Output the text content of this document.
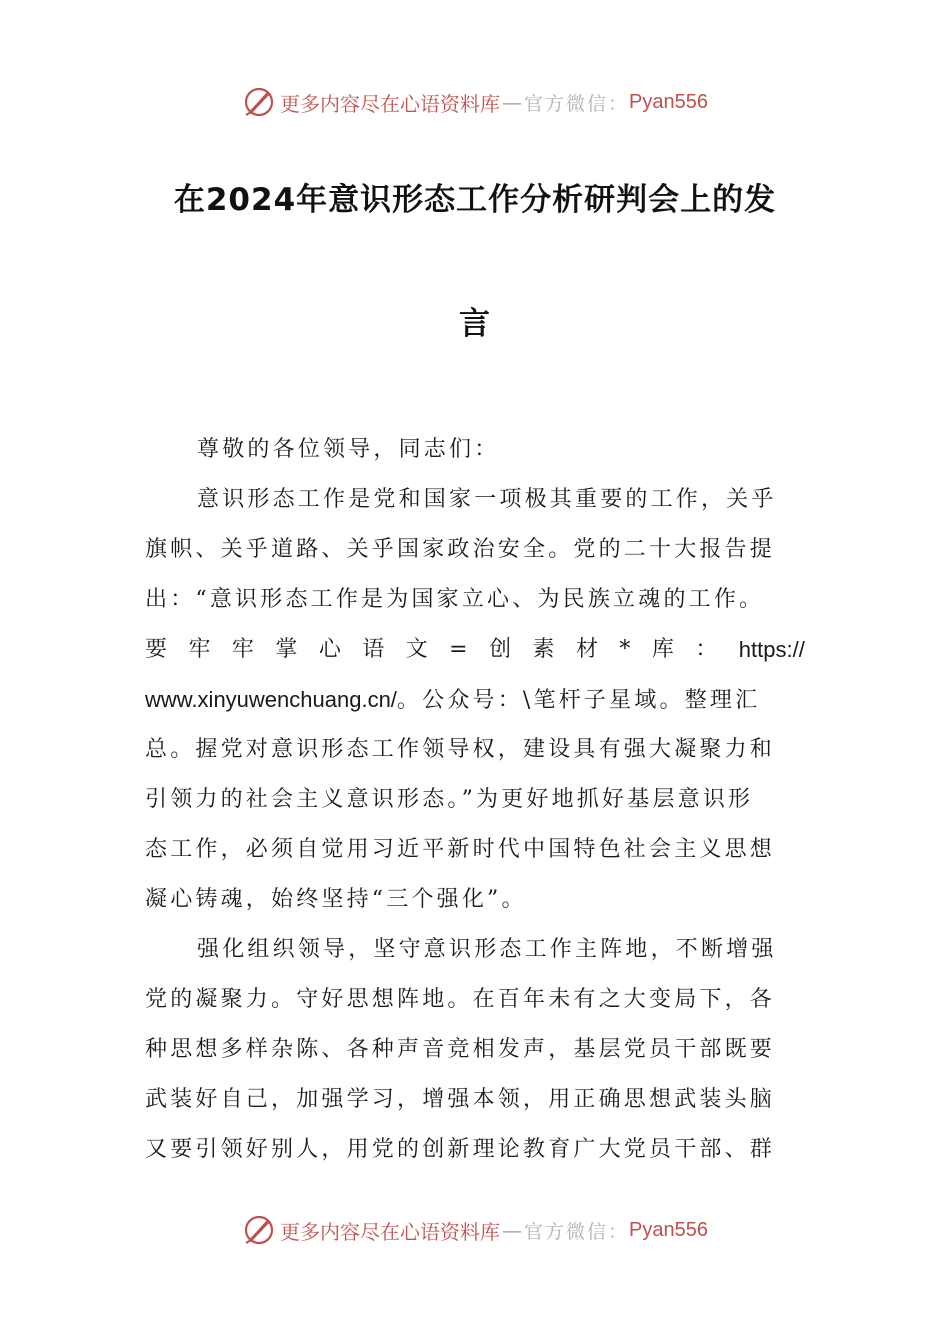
更多内容尽在心语资料库 — 官方微信： Pyan556
在2024年意识形态工作分析研判会上的发
言
尊敬的各位领导，同志们：
意识形态工作是党和国家一项极其重要的工作，关乎
旗帜、关乎道路、关乎国家政治安全。党的二十大报告提
出：“意识形态工作是为国家立心、为民族立魂的工作。
要 牢 牢 掌 心 语 文 = 创 素 材 * 库 ： https://
www.xinyuwenchuang.cn/。公众号：\笔杆子星域。整理汇
总。握党对意识形态工作领导权，建设具有强大凝聚力和
引领力的社会主义意识形态。”为更好地抓好基层意识形
态工作，必须自觉用习近平新时代中国特色社会主义思想
凝心铸魂，始终坚持“三个强化”。
强化组织领导，坚守意识形态工作主阵地，不断增强
党的凝聚力。守好思想阵地。在百年未有之大变局下，各
种思想多样杂陈、各种声音竞相发声，基层党员干部既要
武装好自己，加强学习，增强本领，用正确思想武装头脑
又要引领好别人，用党的创新理论教育广大党员干部、群
更多内容尽在心语资料库 — 官方微信： Pyan556
